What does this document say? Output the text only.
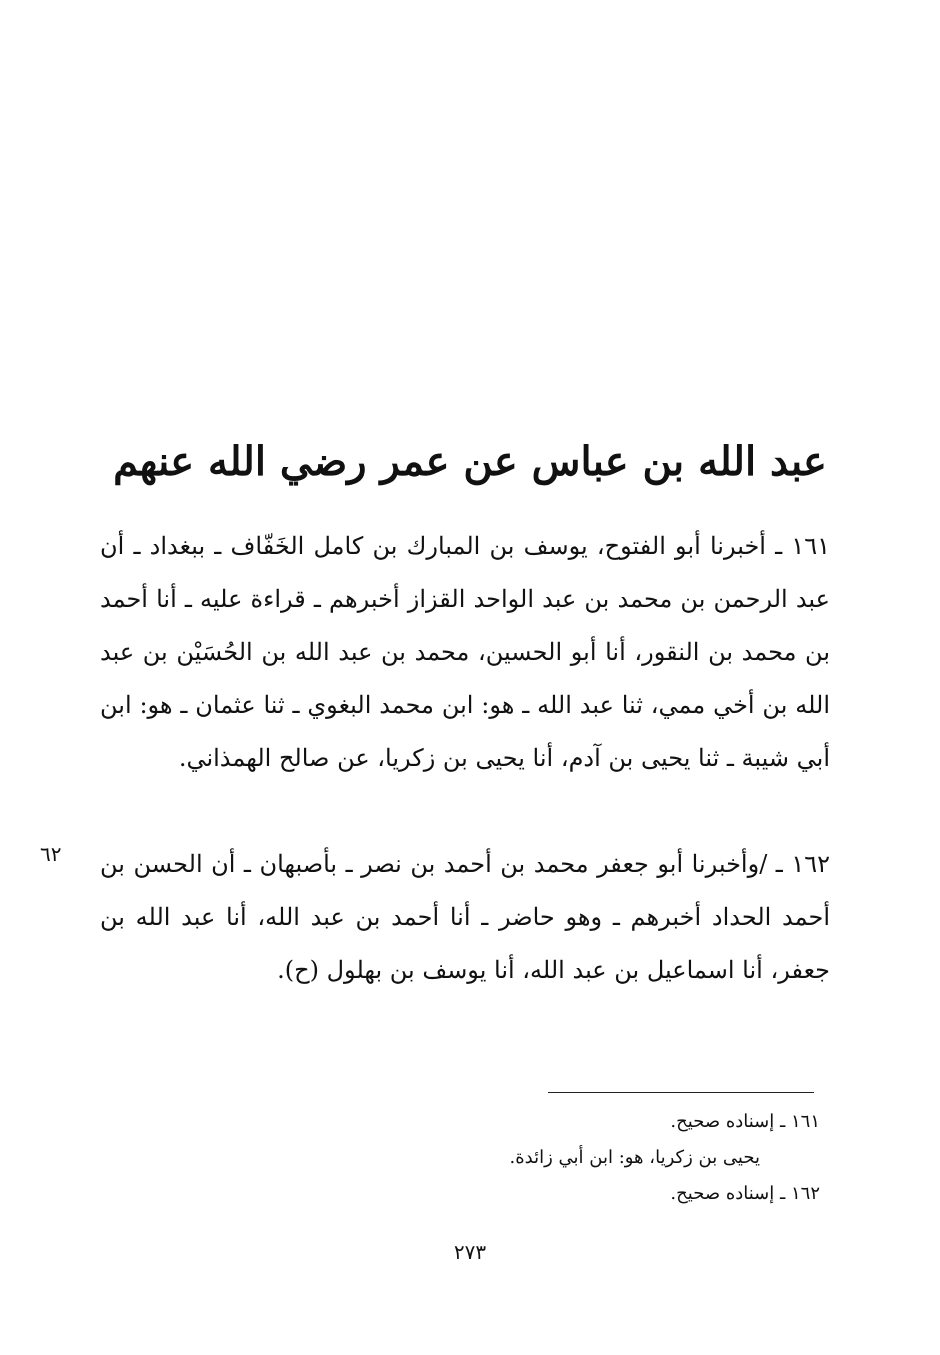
عبد الله بن عباس عن عمر رضي الله عنهم
١٦١ ـ أخبرنا أبو الفتوح، يوسف بن المبارك بن كامل الخَفّاف ـ ببغداد ـ أن عبد الرحمن بن محمد بن عبد الواحد القزاز أخبرهم ـ قراءة عليه ـ أنا أحمد بن محمد بن النقور، أنا أبو الحسين، محمد بن عبد الله بن الحُسَيْن بن عبد الله بن أخي ممي، ثنا عبد الله ـ هو: ابن محمد البغوي ـ ثنا عثمان ـ هو: ابن أبي شيبة ـ ثنا يحيى بن آدم، أنا يحيى بن زكريا، عن صالح الهمذاني.
٦٢ ١٦٢ ـ /وأخبرنا أبو جعفر محمد بن أحمد بن نصر ـ بأصبهان ـ أن الحسن بن أحمد الحداد أخبرهم ـ وهو حاضر ـ أنا أحمد بن عبد الله، أنا عبد الله بن جعفر، أنا اسماعيل بن عبد الله، أنا يوسف بن بهلول (ح).
١٦١ ـ إسناده صحيح.
يحيى بن زكريا، هو: ابن أبي زائدة.
١٦٢ ـ إسناده صحيح.
٢٧٣
